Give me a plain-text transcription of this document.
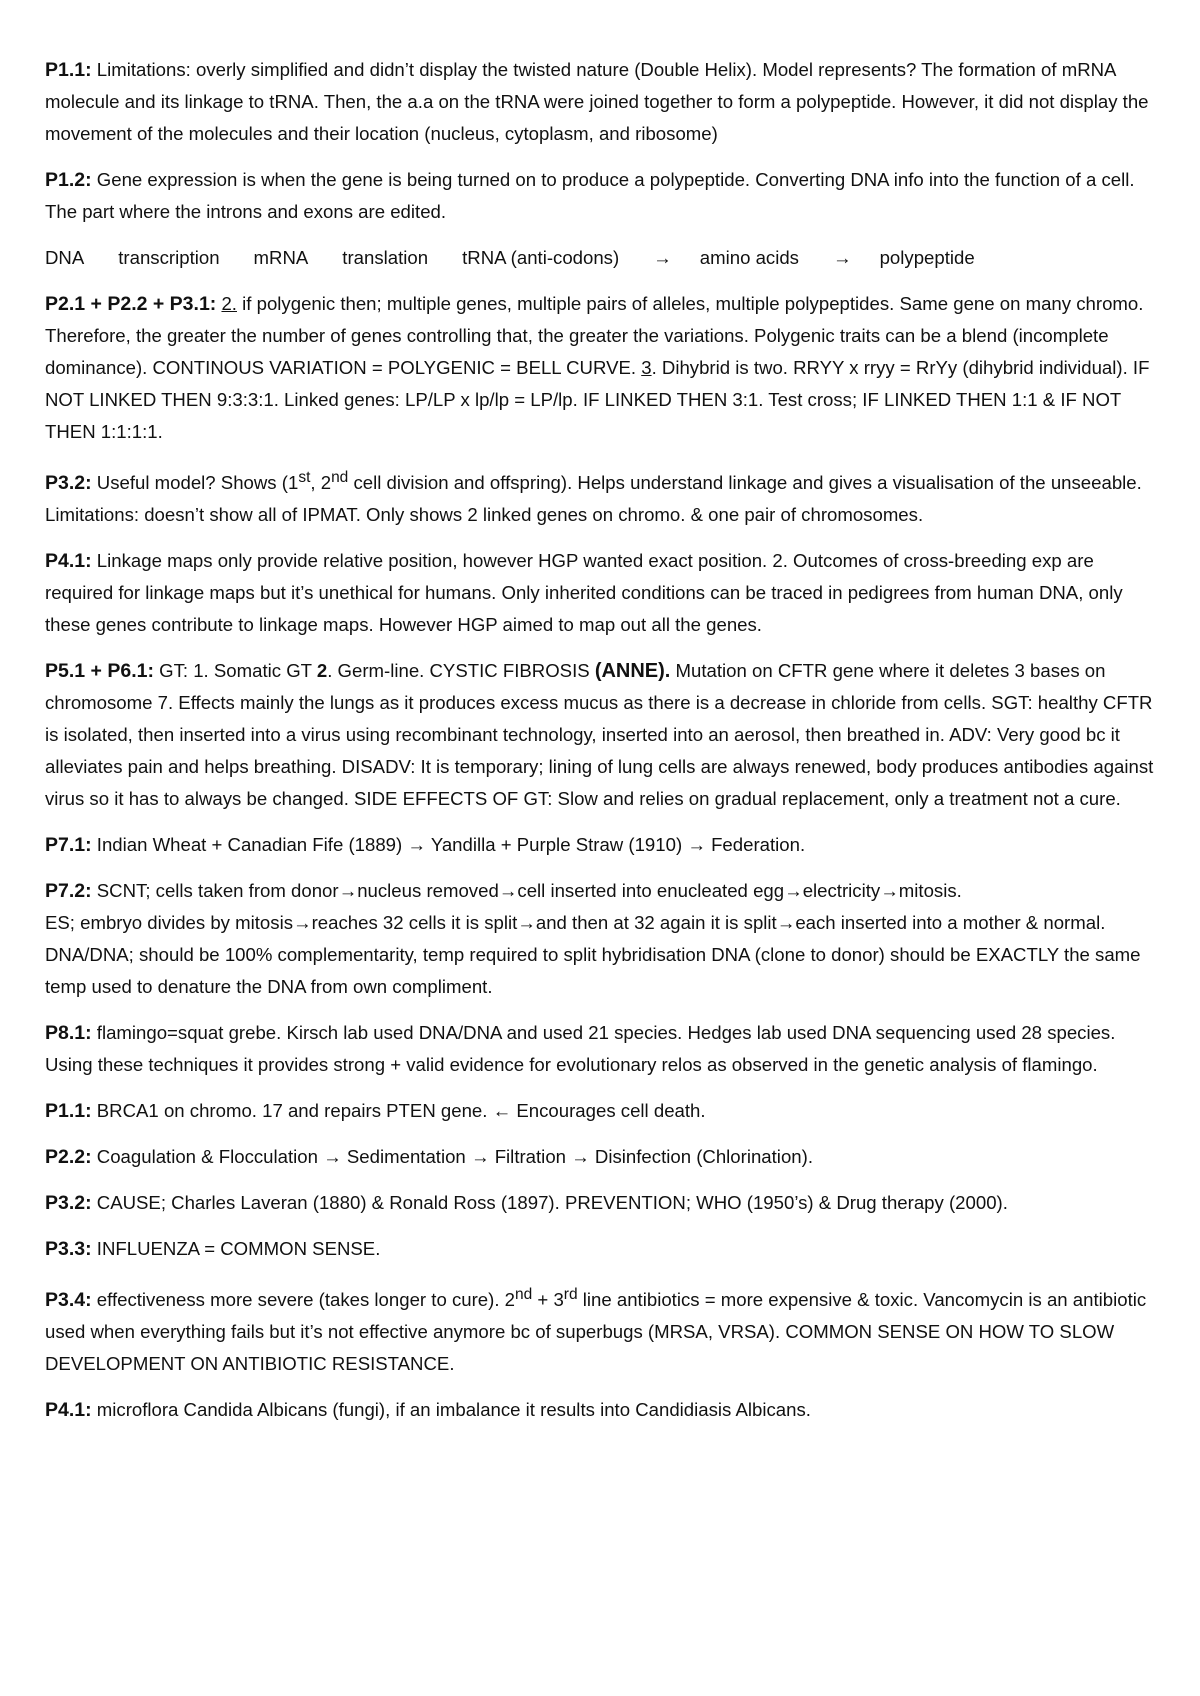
P1.1: Limitations: overly simplified and didn’t display the twisted nature (Double Helix). Model represents? The formation of mRNA molecule and its linkage to tRNA. Then, the a.a on the tRNA were joined together to form a polypeptide. However, it did not display the movement of the molecules and their location (nucleus, cytoplasm, and ribosome)

P1.2: Gene expression is when the gene is being turned on to produce a polypeptide. Converting DNA info into the function of a cell. The part where the introns and exons are edited.

DNA transcription mRNA translation tRNA (anti-codons) → amino acids → polypeptide

P2.1 + P2.2 + P3.1: 2. if polygenic then; multiple genes, multiple pairs of alleles, multiple polypeptides. Same gene on many chromo. Therefore, the greater the number of genes controlling that, the greater the variations. Polygenic traits can be a blend (incomplete dominance). CONTINOUS VARIATION = POLYGENIC = BELL CURVE. 3. Dihybrid is two. RRYY x rryy = RrYy (dihybrid individual). IF NOT LINKED THEN 9:3:3:1. Linked genes: LP/LP x lp/lp = LP/lp. IF LINKED THEN 3:1. Test cross; IF LINKED THEN 1:1 & IF NOT THEN 1:1:1:1.

P3.2: Useful model? Shows (1st, 2nd cell division and offspring). Helps understand linkage and gives a visualisation of the unseeable. Limitations: doesn’t show all of IPMAT. Only shows 2 linked genes on chromo. & one pair of chromosomes.

P4.1: Linkage maps only provide relative position, however HGP wanted exact position. 2. Outcomes of cross-breeding exp are required for linkage maps but it’s unethical for humans. Only inherited conditions can be traced in pedigrees from human DNA, only these genes contribute to linkage maps. However HGP aimed to map out all the genes.

P5.1 + P6.1: GT: 1. Somatic GT 2. Germ-line. CYSTIC FIBROSIS (ANNE). Mutation on CFTR gene where it deletes 3 bases on chromosome 7. Effects mainly the lungs as it produces excess mucus as there is a decrease in chloride from cells. SGT: healthy CFTR is isolated, then inserted into a virus using recombinant technology, inserted into an aerosol, then breathed in. ADV: Very good bc it alleviates pain and helps breathing. DISADV: It is temporary; lining of lung cells are always renewed, body produces antibodies against virus so it has to always be changed. SIDE EFFECTS OF GT: Slow and relies on gradual replacement, only a treatment not a cure.

P7.1: Indian Wheat + Canadian Fife (1889) → Yandilla + Purple Straw (1910) → Federation.

P7.2: SCNT; cells taken from donor→nucleus removed→cell inserted into enucleated egg→electricity→mitosis.
ES; embryo divides by mitosis→reaches 32 cells it is split→and then at 32 again it is split→each inserted into a mother & normal. DNA/DNA; should be 100% complementarity, temp required to split hybridisation DNA (clone to donor) should be EXACTLY the same temp used to denature the DNA from own compliment.

P8.1: flamingo=squat grebe. Kirsch lab used DNA/DNA and used 21 species. Hedges lab used DNA sequencing used 28 species. Using these techniques it provides strong + valid evidence for evolutionary relos as observed in the genetic analysis of flamingo.

P1.1: BRCA1 on chromo. 17 and repairs PTEN gene. ← Encourages cell death.

P2.2: Coagulation & Flocculation → Sedimentation → Filtration → Disinfection (Chlorination).

P3.2: CAUSE; Charles Laveran (1880) & Ronald Ross (1897). PREVENTION; WHO (1950’s) & Drug therapy (2000).

P3.3: INFLUENZA = COMMON SENSE.

P3.4: effectiveness more severe (takes longer to cure). 2nd + 3rd line antibiotics = more expensive & toxic. Vancomycin is an antibiotic used when everything fails but it’s not effective anymore bc of superbugs (MRSA, VRSA). COMMON SENSE ON HOW TO SLOW DEVELOPMENT ON ANTIBIOTIC RESISTANCE.

P4.1: microflora Candida Albicans (fungi), if an imbalance it results into Candidiasis Albicans.
